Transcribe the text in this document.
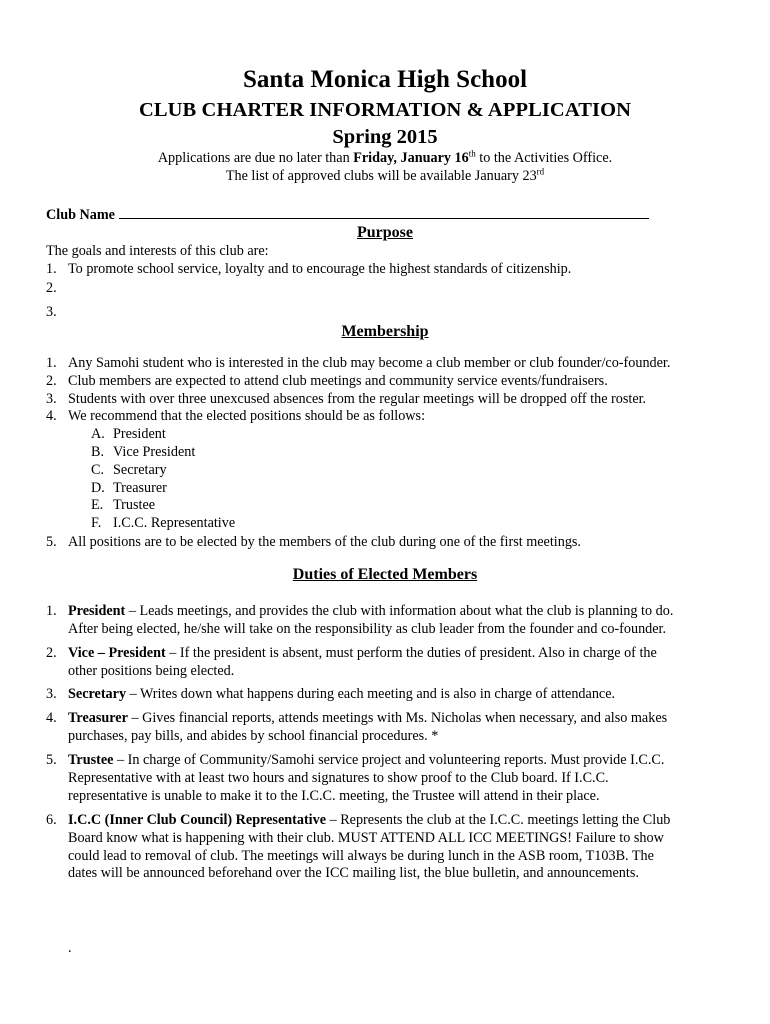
Santa Monica High School
CLUB CHARTER INFORMATION & APPLICATION
Spring 2015
Applications are due no later than Friday, January 16th to the Activities Office.
The list of approved clubs will be available January 23rd
Club Name
Purpose
The goals and interests of this club are:
1. To promote school service, loyalty and to encourage the highest standards of citizenship.
2.
3.
Membership
1. Any Samohi student who is interested in the club may become a club member or club founder/co-founder.
2. Club members are expected to attend club meetings and community service events/fundraisers.
3. Students with over three unexcused absences from the regular meetings will be dropped off the roster.
4. We recommend that the elected positions should be as follows:
A. President
B. Vice President
C. Secretary
D. Treasurer
E. Trustee
F. I.C.C. Representative
5. All positions are to be elected by the members of the club during one of the first meetings.
Duties of Elected Members
1. President – Leads meetings, and provides the club with information about what the club is planning to do.
After being elected, he/she will take on the responsibility as club leader from the founder and co-founder.
2. Vice – President – If the president is absent, must perform the duties of president. Also in charge of the
other positions being elected.
3. Secretary – Writes down what happens during each meeting and is also in charge of attendance.
4. Treasurer – Gives financial reports, attends meetings with Ms. Nicholas when necessary, and also makes
purchases, pay bills, and abides by school financial procedures. *
5. Trustee – In charge of Community/Samohi service project and volunteering reports. Must provide I.C.C.
Representative with at least two hours and signatures to show proof to the Club board. If I.C.C.
representative is unable to make it to the I.C.C. meeting, the Trustee will attend in their place.
6. I.C.C (Inner Club Council) Representative – Represents the club at the I.C.C. meetings letting the Club
Board know what is happening with their club. MUST ATTEND ALL ICC MEETINGS! Failure to show
could lead to removal of club. The meetings will always be during lunch in the ASB room, T103B. The
dates will be announced beforehand over the ICC mailing list, the blue bulletin, and announcements.
.
